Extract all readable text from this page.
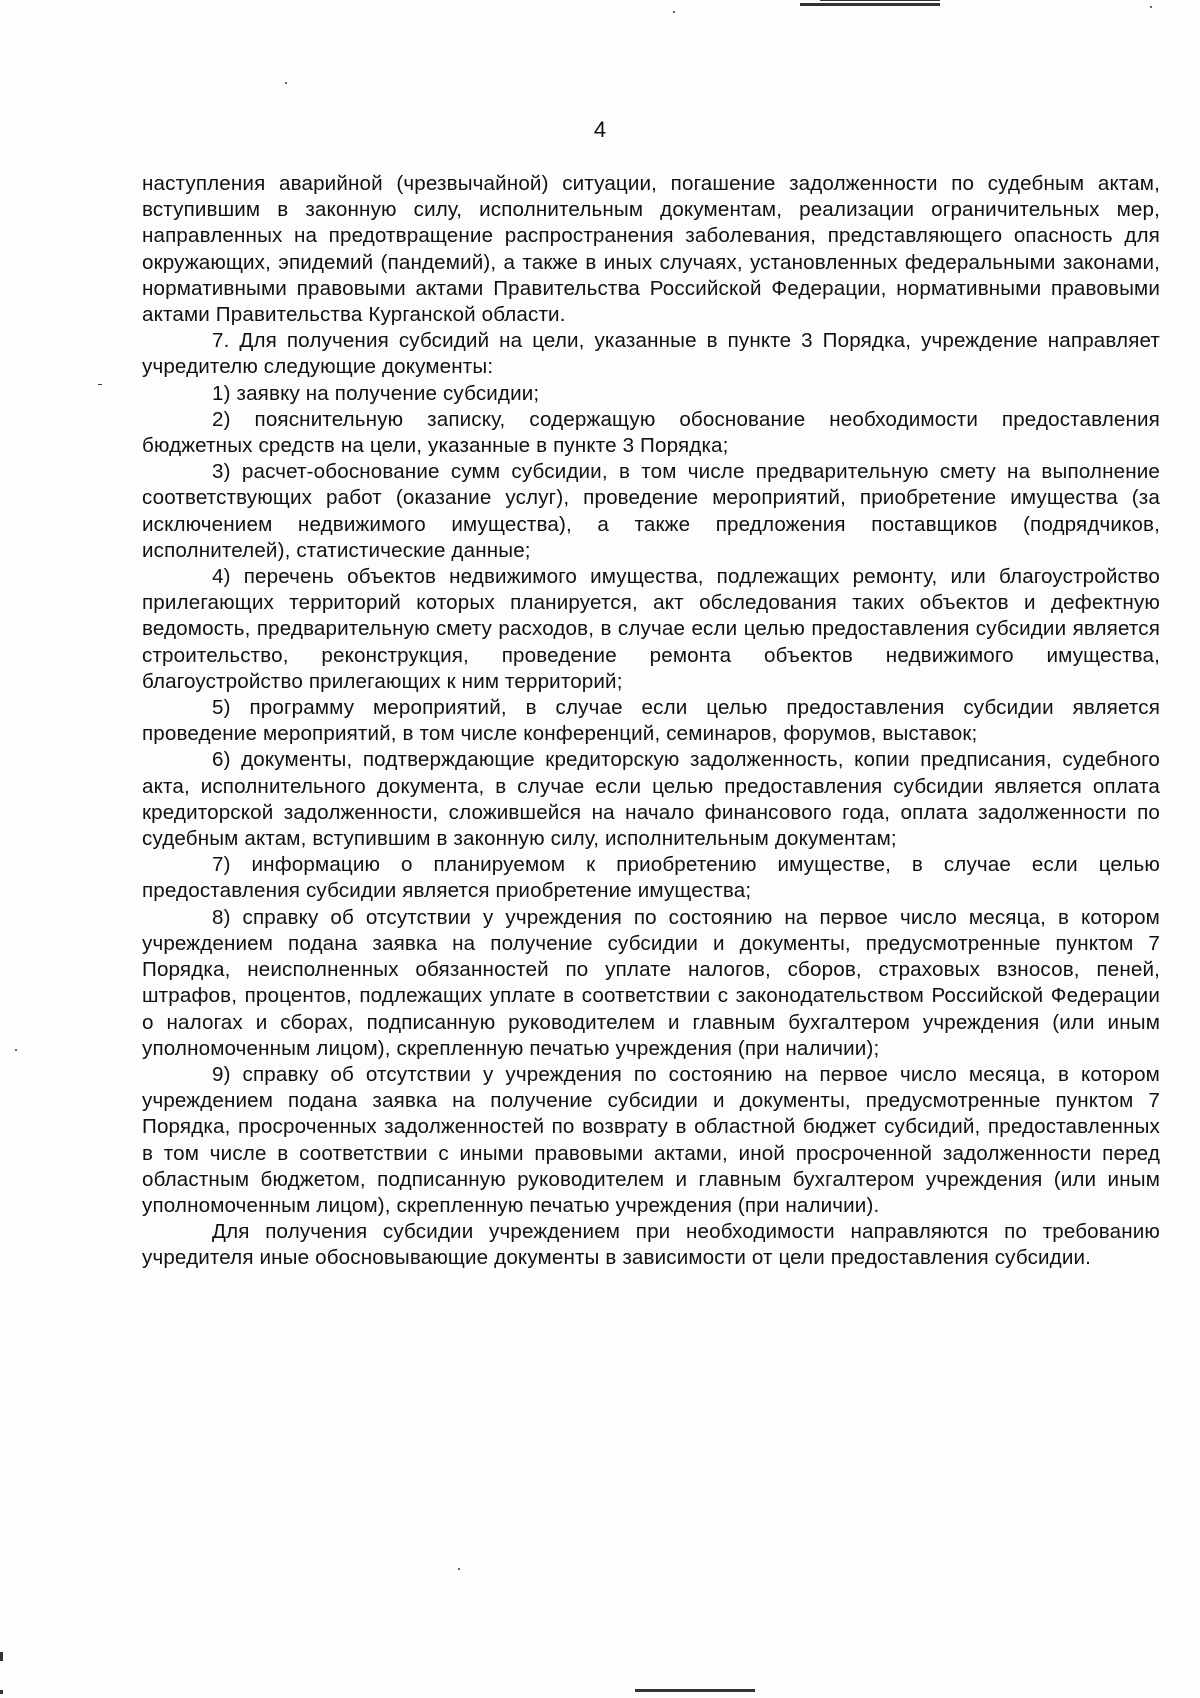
4

наступления аварийной (чрезвычайной) ситуации, погашение задолженности по судебным актам, вступившим в законную силу, исполнительным документам, реализации ограничительных мер, направленных на предотвращение распространения заболевания, представляющего опасность для окружающих, эпидемий (пандемий), а также в иных случаях, установленных федеральными законами, нормативными правовыми актами Правительства Российской Федерации, нормативными правовыми актами Правительства Курганской области.

7. Для получения субсидий на цели, указанные в пункте 3 Порядка, учреждение направляет учредителю следующие документы:

1) заявку на получение субсидии;

2) пояснительную записку, содержащую обоснование необходимости предоставления бюджетных средств на цели, указанные в пункте 3 Порядка;

3) расчет-обоснование сумм субсидии, в том числе предварительную смету на выполнение соответствующих работ (оказание услуг), проведение мероприятий, приобретение имущества (за исключением недвижимого имущества), а также предложения поставщиков (подрядчиков, исполнителей), статистические данные;

4) перечень объектов недвижимого имущества, подлежащих ремонту, или благоустройство прилегающих территорий которых планируется, акт обследования таких объектов и дефектную ведомость, предварительную смету расходов, в случае если целью предоставления субсидии является строительство, реконструкция, проведение ремонта объектов недвижимого имущества, благоустройство прилегающих к ним территорий;

5) программу мероприятий, в случае если целью предоставления субсидии является проведение мероприятий, в том числе конференций, семинаров, форумов, выставок;

6) документы, подтверждающие кредиторскую задолженность, копии предписания, судебного акта, исполнительного документа, в случае если целью предоставления субсидии является оплата кредиторской задолженности, сложившейся на начало финансового года, оплата задолженности по судебным актам, вступившим в законную силу, исполнительным документам;

7) информацию о планируемом к приобретению имуществе, в случае если целью предоставления субсидии является приобретение имущества;

8) справку об отсутствии у учреждения по состоянию на первое число месяца, в котором учреждением подана заявка на получение субсидии и документы, предусмотренные пунктом 7 Порядка, неисполненных обязанностей по уплате налогов, сборов, страховых взносов, пеней, штрафов, процентов, подлежащих уплате в соответствии с законодательством Российской Федерации о налогах и сборах, подписанную руководителем и главным бухгалтером учреждения (или иным уполномоченным лицом), скрепленную печатью учреждения (при наличии);

9) справку об отсутствии у учреждения по состоянию на первое число месяца, в котором учреждением подана заявка на получение субсидии и документы, предусмотренные пунктом 7 Порядка, просроченных задолженностей по возврату в областной бюджет субсидий, предоставленных в том числе в соответствии с иными правовыми актами, иной просроченной задолженности перед областным бюджетом, подписанную руководителем и главным бухгалтером учреждения (или иным уполномоченным лицом), скрепленную печатью учреждения (при наличии).

Для получения субсидии учреждением при необходимости направляются по требованию учредителя иные обосновывающие документы в зависимости от цели предоставления субсидии.
